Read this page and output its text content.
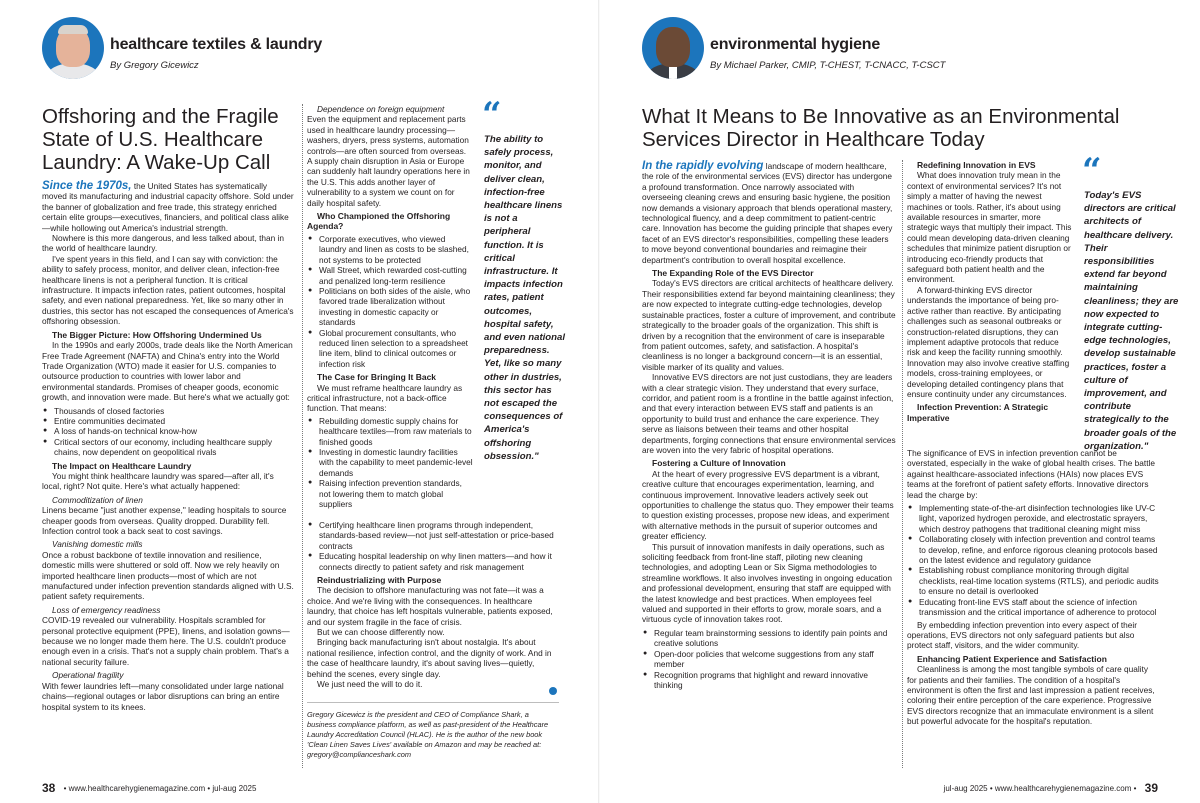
healthcare textiles & laundry
By Gregory Gicewicz
Offshoring and the Fragile
State of U.S. Healthcare
Laundry: A Wake-Up Call

Since the 1970s, the United States has systematically moved its manufacturing and industrial capacity offshore. Sold under the banner of globalization and free trade, this strategy enriched certain elite groups—executives, financiers, and political class alike—while hollowing out America's industrial strength.

Nowhere is this more dangerous, and less talked about, than in the world of healthcare laundry.

I've spent years in this field, and I can say with conviction: the ability to safely process, monitor, and deliver clean, infection-free healthcare linens is not a peripheral function. It is critical infrastructure. It impacts infection rates, patient outcomes, hospital safety, and even national preparedness. Yet, like so many other in dustries, this sector has not escaped the consequences of America's offshoring obsession.

The Bigger Picture: How Offshoring Undermined Us

In the 1990s and early 2000s, trade deals like the North American Free Trade Agreement (NAFTA) and China's entry into the World Trade Organization (WTO) made it easier for U.S. companies to outsource production to countries with lower labor and environmental standards. Promises of cheaper goods, economic growth, and innovation were made. But here's what we actually got:

● Thousands of closed factories
● Entire communities decimated
● A loss of hands-on technical know-how
● Critical sectors of our economy, including healthcare supply chains, now dependent on geopolitical rivals
The Impact on Healthcare Laundry

You might think healthcare laundry was spared—after all, it's local, right? Not quite. Here's what actually happened:

Commoditization of linen

Linens became "just another expense," leading hospitals to source cheaper goods from overseas. Quality dropped. Durability fell. Infection control took a back seat to cost savings.

Vanishing domestic mills

Once a robust backbone of textile innovation and resilience, domestic mills were shuttered or sold off. Now we rely heavily on imported healthcare linen products—most of which are not manufactured under infection prevention standards aligned with U.S. patient safety requirements.

Loss of emergency readiness

COVID-19 revealed our vulnerability. Hospitals scrambled for personal protective equipment (PPE), linens, and isolation gowns—because we no longer made them here. The U.S. couldn't produce enough even in a crisis. That's not a supply chain problem. That's a national security failure.

Operational fragility

With fewer laundries left—many consolidated under large national chains—regional outages or labor disruptions can bring an entire hospital system to its knees.

Dependence on foreign equipment

Even the equipment and replacement parts used in healthcare laundry processing—washers, dryers, press systems, automation controls—are often sourced from overseas. A supply chain disruption in Asia or Europe can suddenly halt laundry operations here in the U.S. This adds another layer of vulnerability to a system we count on for daily hospital safety.

Who Championed the Offshoring Agenda?
● Corporate executives, who viewed laundry and linen as costs to be slashed, not systems to be protected
● Wall Street, which rewarded cost-cutting and penalized long-term resilience
● Politicians on both sides of the aisle, who favored trade liberalization without investing in domestic capacity or standards
● Global procurement consultants, who reduced linen selection to a spreadsheet line item, blind to clinical outcomes or infection risk
The Case for Bringing It Back

We must reframe healthcare laundry as critical infrastructure, not a back-office function. That means:

● Rebuilding domestic supply chains for healthcare textiles—from raw materials to finished goods
● Investing in domestic laundry facilities with the capability to meet pandemic-level demands
● Raising infection prevention standards, not lowering them to match global suppliers
● Certifying healthcare linen programs through independent, standards-based review—not just self-attestation or price-based contracts
● Educating hospital leadership on why linen matters—and how it connects directly to patient safety and risk management
Reindustrializing with Purpose

The decision to offshore manufacturing was not fate—it was a choice. And we're living with the consequences. In healthcare laundry, that choice has left hospitals vulnerable, patients exposed, and our system fragile in the face of crisis.

But we can choose differently now.

Bringing back manufacturing isn't about nostalgia. It's about national resilience, infection control, and the dignity of work. And in the case of healthcare laundry, it's about saving lives—quietly, behind the scenes, every single day.

We just need the will to do it.

Gregory Gicewicz is the president and CEO of Compliance Shark, a business compliance platform, as well as past-president of the Healthcare Laundry Accreditation Council (HLAC). He is the author of the new book 'Clean Linen Saves Lives' available on Amazon and may be reached at: gregory@complianceshark.com
“
The ability to safely process, monitor, and deliver clean, infection-free healthcare linens is not a peripheral function. It is critical infrastructure. It impacts infection rates, patient outcomes, hospital safety, and even national preparedness. Yet, like so many other in dustries, this sector has not escaped the consequences of America's offshoring obsession."
38 • www.healthcarehygienemagazine.com • jul-aug 2025
environmental hygiene
By Michael Parker, CMIP, T-CHEST, T-CNACC, T-CSCT
What It Means to Be Innovative as an Environmental
Services Director in Healthcare Today

In the rapidly evolving landscape of modern healthcare, the role of the environmental services (EVS) director has undergone a profound transformation. Once narrowly associated with overseeing cleaning crews and ensuring basic hygiene, the position now demands a visionary approach that blends operational mastery, technological fluency, and a deep commitment to patient-centric care. Innovation has become the guiding principle that shapes every facet of an EVS director's responsibilities, compelling these leaders to move beyond conventional boundaries and reimagine their department's contribution to overall hospital excellence.

The Expanding Role of the EVS Director

Today's EVS directors are critical architects of healthcare delivery. Their responsibilities extend far beyond maintaining cleanliness; they are now expected to integrate cutting-edge technologies, develop sustainable practices, foster a culture of improvement, and contribute strategically to the broader goals of the organization. This shift is driven by a recognition that the environment of care is inseparable from patient outcomes, safety, and satisfaction. A hospital's cleanliness is no longer a background concern—it is an essential, visible marker of its quality and values.

Innovative EVS directors are not just custodians, they are leaders with a clear strategic vision. They understand that every surface, corridor, and patient room is a frontline in the battle against infection, and that every interaction between EVS staff and patients is an opportunity to build trust and enhance the care experience. They serve as liaisons between their teams and other hospital departments, forging connections that ensure environmental services are woven into the very fabric of hospital operations.

Fostering a Culture of Innovation

At the heart of every progressive EVS department is a vibrant, creative culture that encourages experimentation, learning, and continuous improvement. Innovative leaders actively seek out opportunities to challenge the status quo. They empower their teams to question existing processes, propose new ideas, and experiment with alternative methods in the pursuit of superior outcomes and greater efficiency.

This pursuit of innovation manifests in daily operations, such as soliciting feedback from front-line staff, piloting new cleaning technologies, and adopting Lean or Six Sigma methodologies to streamline workflows. It also involves investing in ongoing education and professional development, ensuring that staff are equipped with the latest knowledge and best practices. When employees feel valued and supported in their efforts to grow, morale soars, and a virtuous cycle of innovation takes root.

● Regular team brainstorming sessions to identify pain points and creative solutions
● Open-door policies that welcome suggestions from any staff member
● Recognition programs that highlight and reward innovative thinking
Redefining Innovation in EVS

What does innovation truly mean in the context of environmental services? It's not simply a matter of having the newest machines or tools. Rather, it's about using available resources in smarter, more strategic ways that multiply their impact. This could mean developing data-driven cleaning schedules that minimize patient disruption or introducing eco-friendly products that safeguard both patient health and the environment.

A forward-thinking EVS director understands the importance of being pro-active rather than reactive. By anticipating challenges such as seasonal outbreaks or construction-related disruptions, they can implement adaptive protocols that reduce risk and keep the facility running smoothly. Innovation may also involve creative staffing models, cross-training employees, or developing detailed contingency plans that ensure continuity under any circumstances.

Infection Prevention: A Strategic Imperative

The significance of EVS in infection prevention cannot be overstated, especially in the wake of global health crises. The battle against healthcare-associated infections (HAIs) now places EVS teams at the forefront of patient safety efforts. Innovative directors lead the charge by:

● Implementing state-of-the-art disinfection technologies like UV-C light, vaporized hydrogen peroxide, and electrostatic sprayers, which destroy pathogens that traditional cleaning might miss
● Collaborating closely with infection prevention and control teams to develop, refine, and enforce rigorous cleaning protocols based on the latest evidence and regulatory guidance
● Establishing robust compliance monitoring through digital checklists, real-time location systems (RTLS), and periodic audits to ensure no detail is overlooked
● Educating front-line EVS staff about the science of infection transmission and the critical importance of adherence to protocol

By embedding infection prevention into every aspect of their operations, EVS directors not only safeguard patients but also protect staff, visitors, and the wider community.

Enhancing Patient Experience and Satisfaction

Cleanliness is among the most tangible symbols of care quality for patients and their families. The condition of a hospital's environment is often the first and last impression a patient receives, coloring their entire perception of the care experience. Progressive EVS directors recognize that an immaculate environment is a silent but powerful advocate for the hospital's reputation.

“
Today's EVS directors are critical architects of healthcare delivery. Their responsibilities extend far beyond maintaining cleanliness; they are now expected to integrate cutting-edge technologies, develop sustainable practices, foster a culture of improvement, and contribute strategically to the broader goals of the organization."
jul-aug 2025 • www.healthcarehygienemagazine.com • 39
